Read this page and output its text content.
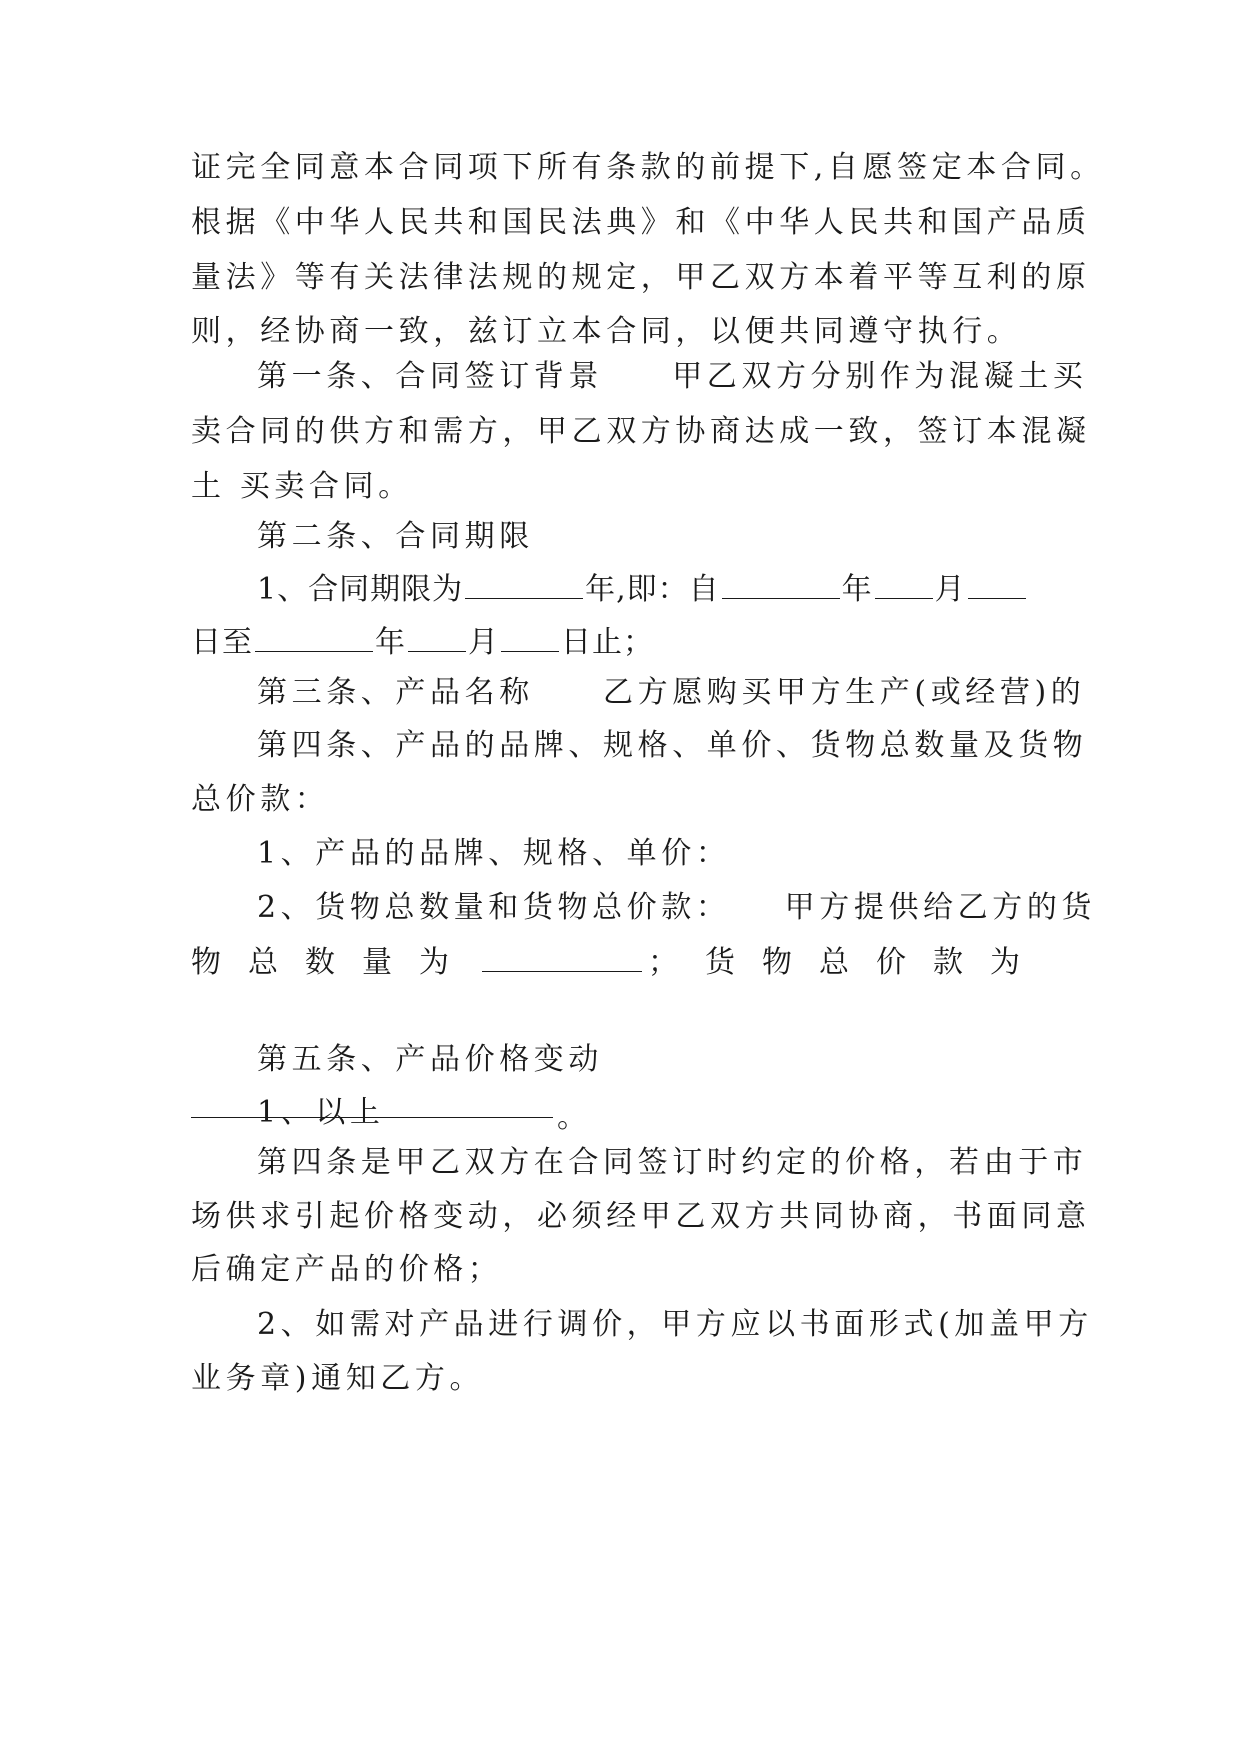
证完全同意本合同项下所有条款的前提下,自愿签定本合同。
根据《中华人民共和国民法典》和《中华人民共和国产品质
量法》等有关法律法规的规定，甲乙双方本着平等互利的原
则，经协商一致，兹订立本合同，以便共同遵守执行。
第一条、合同签订背景　　甲乙双方分别作为混凝土买
卖合同的供方和需方，甲乙双方协商达成一致，签订本混凝
土 买卖合同。
第二条、合同期限
1、合同期限为	年,即：自	年 月
日至	年 月 日止；
第三条、产品名称　　乙方愿购买甲方生产(或经营)的
第四条、产品的品牌、规格、单价、货物总数量及货物
总价款：
1、产品的品牌、规格、单价：
2、货物总数量和货物总价款：　　甲方提供给乙方的货
物总数量为	；货物总价款为
。
第五条、产品价格变动
1、以上
第四条是甲乙双方在合同签订时约定的价格，若由于市
场供求引起价格变动，必须经甲乙双方共同协商，书面同意
后确定产品的价格；
2、如需对产品进行调价，甲方应以书面形式(加盖甲方
业务章)通知乙方。
